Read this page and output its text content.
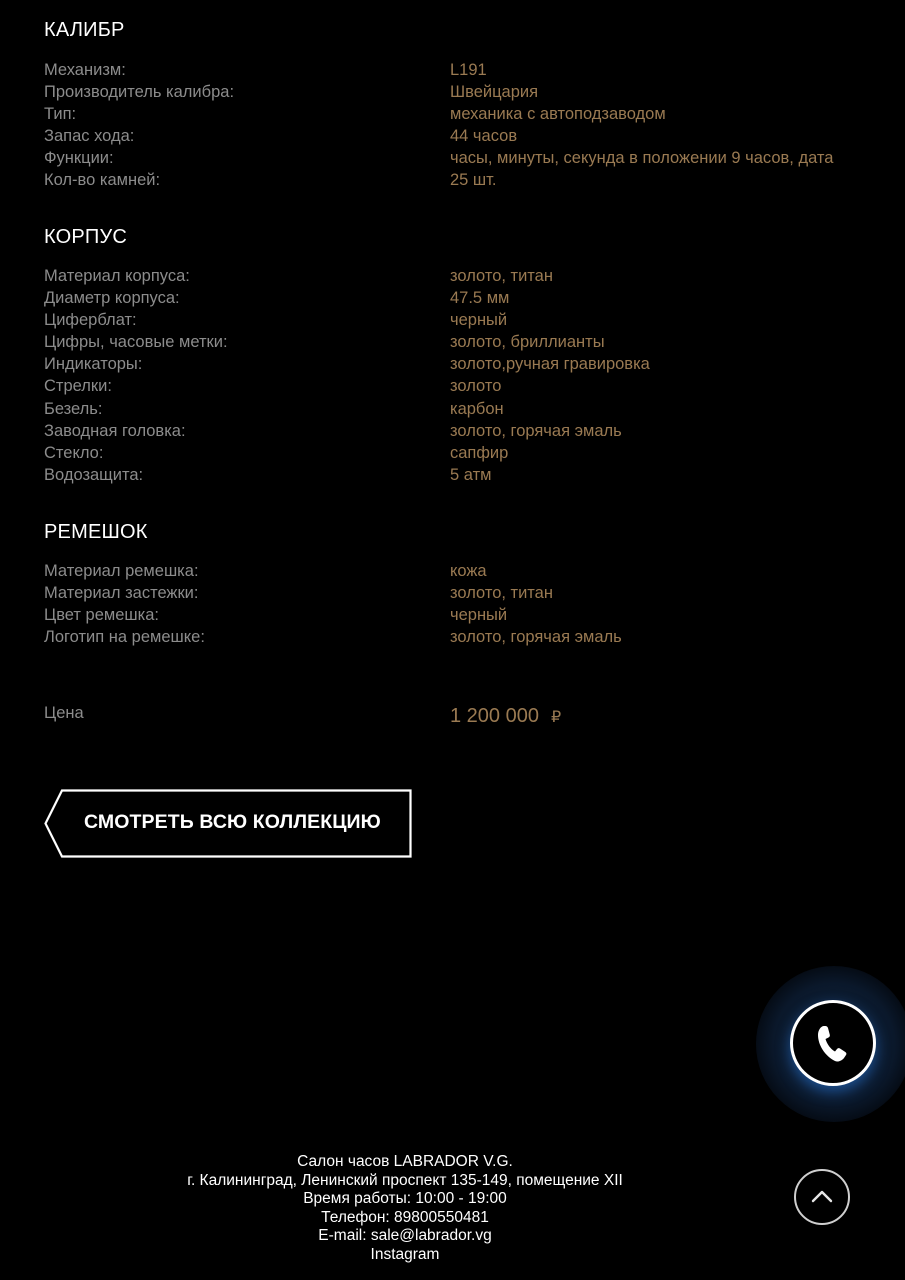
КАЛИБР
Механизм:	L191
Производитель калибра:	Швейцария
Тип:	механика с автоподзаводом
Запас хода:	44 часов
Функции:	часы, минуты, секунда в положении 9 часов, дата
Кол-во камней:	25 шт.
КОРПУС
Материал корпуса:	золото, титан
Диаметр корпуса:	47.5 мм
Циферблат:	черный
Цифры, часовые метки:	золото, бриллианты
Индикаторы:	золото,ручная гравировка
Стрелки:	золото
Безель:	карбон
Заводная головка:	золото, горячая эмаль
Стекло:	сапфир
Водозащита:	5 атм
РЕМЕШОК
Материал ремешка:	кожа
Материал застежки:	золото, титан
Цвет ремешка:	черный
Логотип на ремешке:	золото, горячая эмаль
Цена	1 200 000 ₽
СМОТРЕТЬ ВСЮ КОЛЛЕКЦИЮ
Салон часов LABRADOR V.G.
г. Калининград, Ленинский проспект 135-149, помещение XII
Время работы: 10:00 - 19:00
Телефон: 89800550481
E-mail: sale@labrador.vg
Instagram
